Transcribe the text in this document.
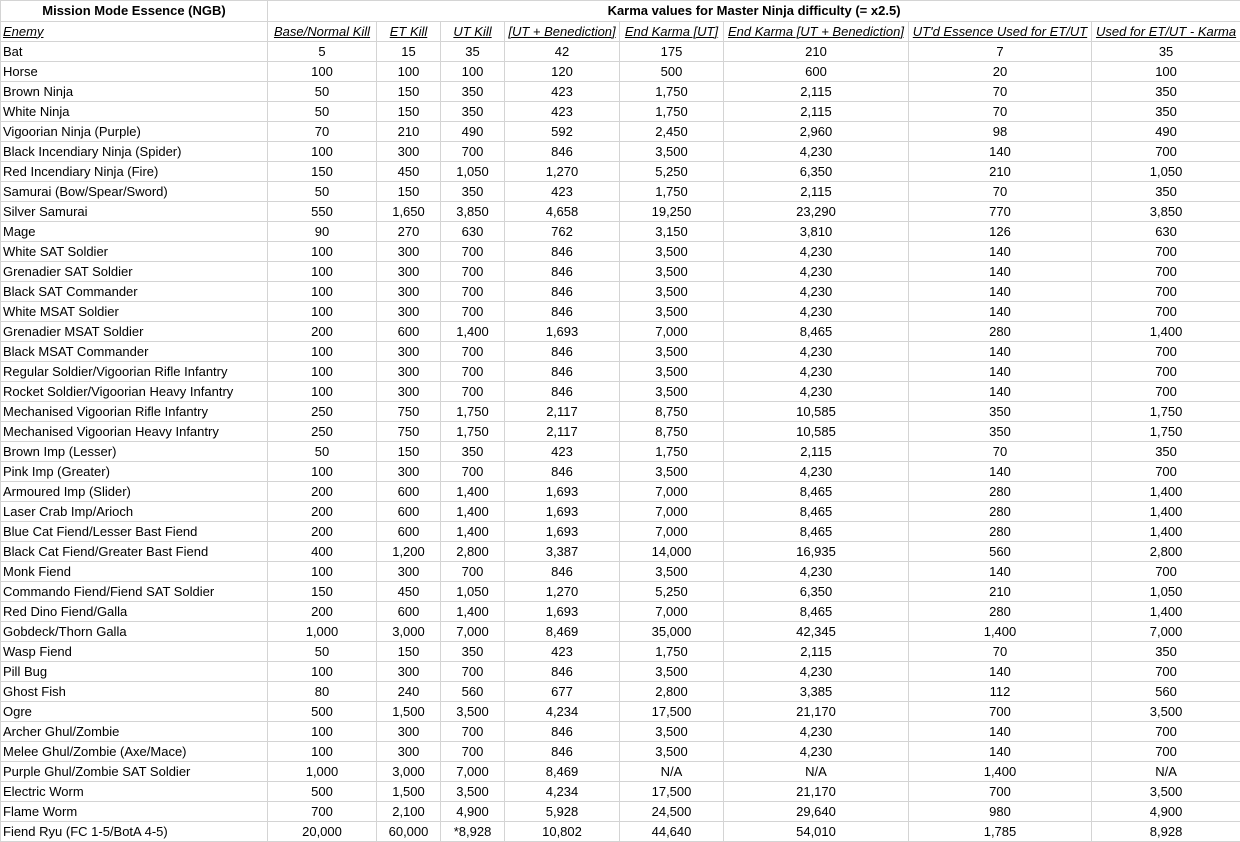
Mission Mode Essence (NGB)	Karma values for Master Ninja difficulty (= x2.5)							
Enemy	Base/Normal Kill	ET Kill	UT Kill	[UT + Benediction]	End Karma [UT]	End Karma [UT + Benediction]	UT'd Essence Used for ET/UT	Used for ET/UT - Karma
Bat	5	15	35	42	175	210	7	35
Horse	100	100	100	120	500	600	20	100
Brown Ninja	50	150	350	423	1,750	2,115	70	350
White Ninja	50	150	350	423	1,750	2,115	70	350
Vigoorian Ninja (Purple)	70	210	490	592	2,450	2,960	98	490
Black Incendiary Ninja (Spider)	100	300	700	846	3,500	4,230	140	700
Red Incendiary Ninja (Fire)	150	450	1,050	1,270	5,250	6,350	210	1,050
Samurai (Bow/Spear/Sword)	50	150	350	423	1,750	2,115	70	350
Silver Samurai	550	1,650	3,850	4,658	19,250	23,290	770	3,850
Mage	90	270	630	762	3,150	3,810	126	630
White SAT Soldier	100	300	700	846	3,500	4,230	140	700
Grenadier SAT Soldier	100	300	700	846	3,500	4,230	140	700
Black SAT Commander	100	300	700	846	3,500	4,230	140	700
White MSAT Soldier	100	300	700	846	3,500	4,230	140	700
Grenadier MSAT Soldier	200	600	1,400	1,693	7,000	8,465	280	1,400
Black MSAT Commander	100	300	700	846	3,500	4,230	140	700
Regular Soldier/Vigoorian Rifle Infantry	100	300	700	846	3,500	4,230	140	700
Rocket Soldier/Vigoorian Heavy Infantry	100	300	700	846	3,500	4,230	140	700
Mechanised Vigoorian Rifle Infantry	250	750	1,750	2,117	8,750	10,585	350	1,750
Mechanised Vigoorian Heavy Infantry	250	750	1,750	2,117	8,750	10,585	350	1,750
Brown Imp (Lesser)	50	150	350	423	1,750	2,115	70	350
Pink Imp (Greater)	100	300	700	846	3,500	4,230	140	700
Armoured Imp (Slider)	200	600	1,400	1,693	7,000	8,465	280	1,400
Laser Crab Imp/Arioch	200	600	1,400	1,693	7,000	8,465	280	1,400
Blue Cat Fiend/Lesser Bast Fiend	200	600	1,400	1,693	7,000	8,465	280	1,400
Black Cat Fiend/Greater Bast Fiend	400	1,200	2,800	3,387	14,000	16,935	560	2,800
Monk Fiend	100	300	700	846	3,500	4,230	140	700
Commando Fiend/Fiend SAT Soldier	150	450	1,050	1,270	5,250	6,350	210	1,050
Red Dino Fiend/Galla	200	600	1,400	1,693	7,000	8,465	280	1,400
Gobdeck/Thorn Galla	1,000	3,000	7,000	8,469	35,000	42,345	1,400	7,000
Wasp Fiend	50	150	350	423	1,750	2,115	70	350
Pill Bug	100	300	700	846	3,500	4,230	140	700
Ghost Fish	80	240	560	677	2,800	3,385	112	560
Ogre	500	1,500	3,500	4,234	17,500	21,170	700	3,500
Archer Ghul/Zombie	100	300	700	846	3,500	4,230	140	700
Melee Ghul/Zombie (Axe/Mace)	100	300	700	846	3,500	4,230	140	700
Purple Ghul/Zombie SAT Soldier	1,000	3,000	7,000	8,469	N/A	N/A	1,400	N/A
Electric Worm	500	1,500	3,500	4,234	17,500	21,170	700	3,500
Flame Worm	700	2,100	4,900	5,928	24,500	29,640	980	4,900
Fiend Ryu (FC 1-5/BotA 4-5)	20,000	60,000	*8,928	10,802	44,640	54,010	1,785	8,928
